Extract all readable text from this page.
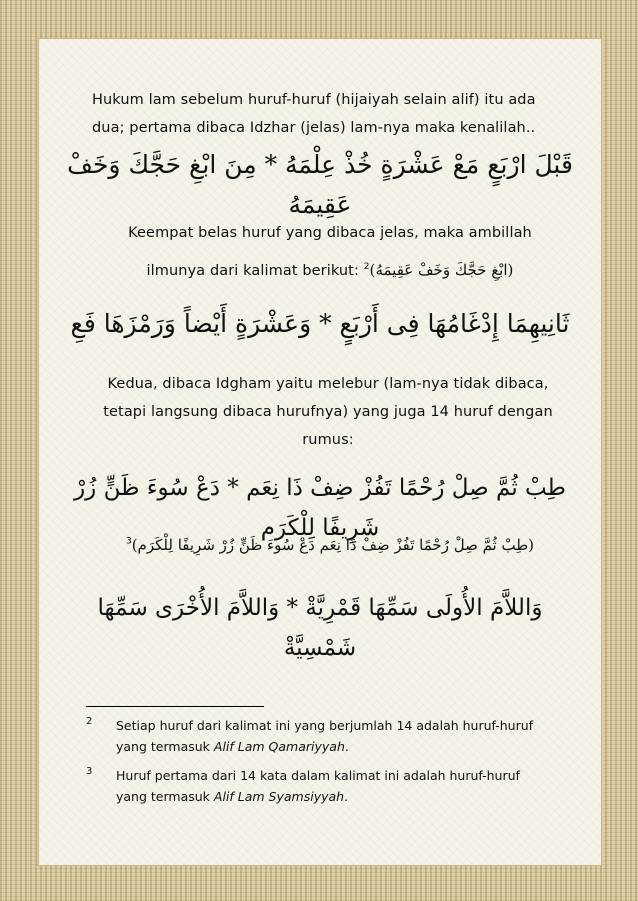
Hukum lam sebelum huruf-huruf (hijaiyah selain alif) itu ada
dua; pertama dibaca Idzhar (jelas) lam-nya maka kenalilah..
قَبْلَ ارْبَعٍ مَعْ عَشْرَةٍ خُذْ عِلْمَهُ * مِنَ ابْغِ حَجَّكَ وَخَفْ عَقِيمَهُ
Keempat belas huruf yang dibaca jelas, maka ambillah
ilmunya dari kalimat berikut: $^2$(ابْغِ حَجَّكَ وَخَفْ عَقِيمَهُ)
ثَانِيهِمَا إِدْغَامُهَا فِى أَرْبَعٍ * وَعَشْرَةٍ أَيْضاً وَرَمْزَهَا فَعِ
Kedua, dibaca Idgham yaitu melebur (lam-nya tidak dibaca,
tetapi langsung dibaca hurufnya) yang juga 14 huruf dengan
rumus:
طِبْ ثُمَّ صِلْ رُحْمًا تَفُزْ ضِفْ ذَا نِعَم * دَعْ سُوءَ ظَنٍّ زُرْ شَرِيفًا لِلْكَرَم
$^3$(طِبْ ثُمَّ صِلْ رُحْمًا تَفُزْ ضِفْ ذَا نِعَم دَعْ سُوءَ ظَنٍّ زُرْ شَرِيفًا لِلْكَرَم)
وَاللاَّمَ الأُولَى سَمِّهَا قَمْرِيَّةْ * وَاللاَّمَ الأُخْرَى سَمِّهَا شَمْسِيَّةْ
2 Setiap huruf dari kalimat ini yang berjumlah 14 adalah huruf-huruf
yang termasuk Alif Lam Qamariyyah.
3 Huruf pertama dari 14 kata dalam kalimat ini adalah huruf-huruf
yang termasuk Alif Lam Syamsiyyah.
